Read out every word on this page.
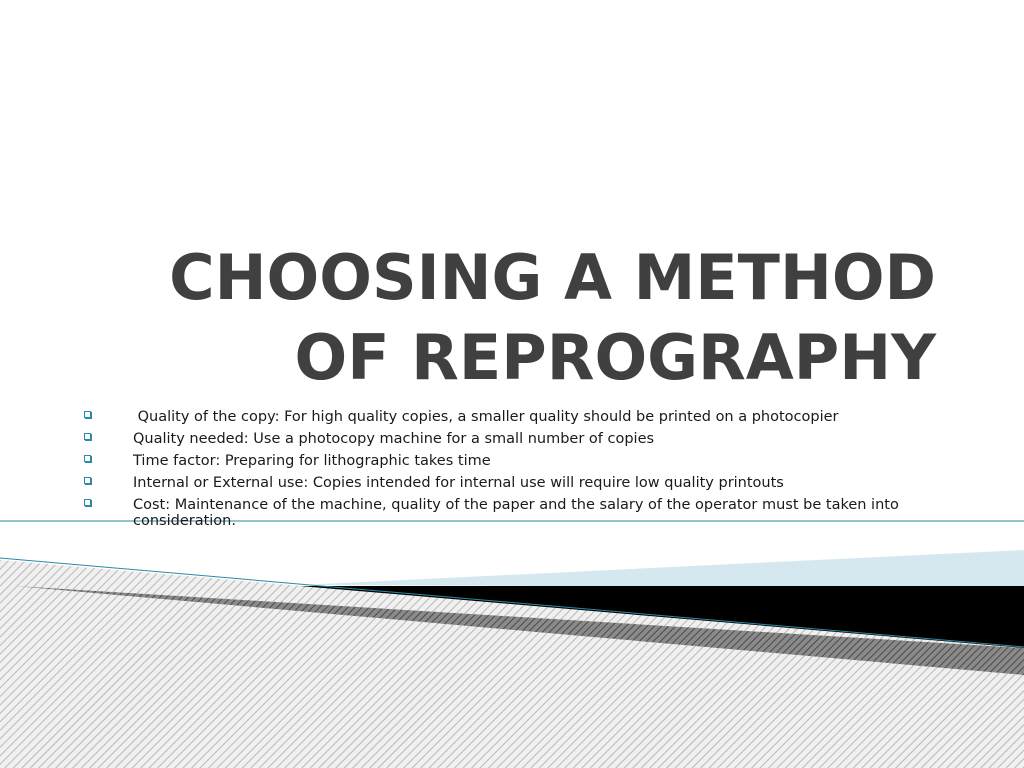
CHOOSING A METHOD
OF REPROGRAPHY
Quality of the copy: For high quality copies, a smaller quality should be printed on a photocopier
Quality needed: Use a photocopy machine for a small number of copies
Time factor: Preparing for lithographic takes time
Internal or External use: Copies intended for internal use will require low quality printouts
Cost: Maintenance of the machine, quality of the paper and the salary of the operator must be taken into consideration.
